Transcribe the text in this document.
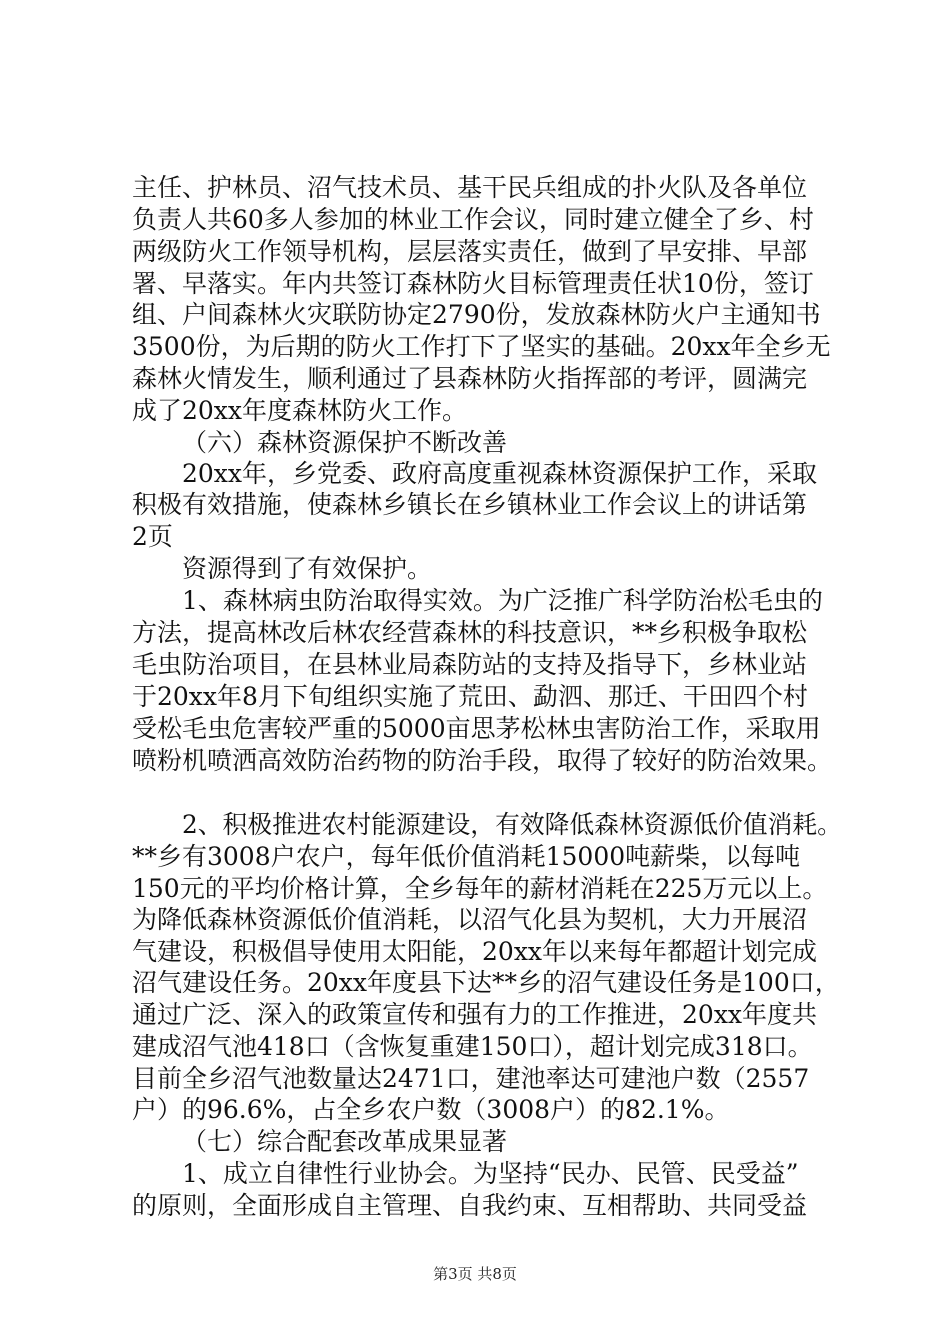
主任、护林员、沼气技术员、基干民兵组成的扑火队及各单位
负责人共60多人参加的林业工作会议，同时建立健全了乡、村
两级防火工作领导机构，层层落实责任，做到了早安排、早部
署、早落实。年内共签订森林防火目标管理责任状10份，签订
组、户间森林火灾联防协定2790份，发放森林防火户主通知书
3500份，为后期的防火工作打下了坚实的基础。20xx年全乡无
森林火情发生，顺利通过了县森林防火指挥部的考评，圆满完
成了20xx年度森林防火工作。
（六）森林资源保护不断改善
20xx年，乡党委、政府高度重视森林资源保护工作，采取
积极有效措施，使森林乡镇长在乡镇林业工作会议上的讲话第
2页
资源得到了有效保护。
1、森林病虫防治取得实效。为广泛推广科学防治松毛虫的
方法，提高林改后林农经营森林的科技意识，**乡积极争取松
毛虫防治项目，在县林业局森防站的支持及指导下，乡林业站
于20xx年8月下旬组织实施了荒田、勐泗、那迁、干田四个村
受松毛虫危害较严重的5000亩思茅松林虫害防治工作，采取用
喷粉机喷洒高效防治药物的防治手段，取得了较好的防治效果。
2、积极推进农村能源建设，有效降低森林资源低价值消耗。
**乡有3008户农户，每年低价值消耗15000吨薪柴，以每吨
150元的平均价格计算，全乡每年的薪材消耗在225万元以上。
为降低森林资源低价值消耗，以沼气化县为契机，大力开展沼
气建设，积极倡导使用太阳能，20xx年以来每年都超计划完成
沼气建设任务。20xx年度县下达**乡的沼气建设任务是100口，
通过广泛、深入的政策宣传和强有力的工作推进，20xx年度共
建成沼气池418口（含恢复重建150口），超计划完成318口。
目前全乡沼气池数量达2471口，建池率达可建池户数（2557
户）的96.6%，占全乡农户数（3008户）的82.1%。
（七）综合配套改革成果显著
1、成立自律性行业协会。为坚持“民办、民管、民受益”
的原则，全面形成自主管理、自我约束、互相帮助、共同受益
第3页 共8页
